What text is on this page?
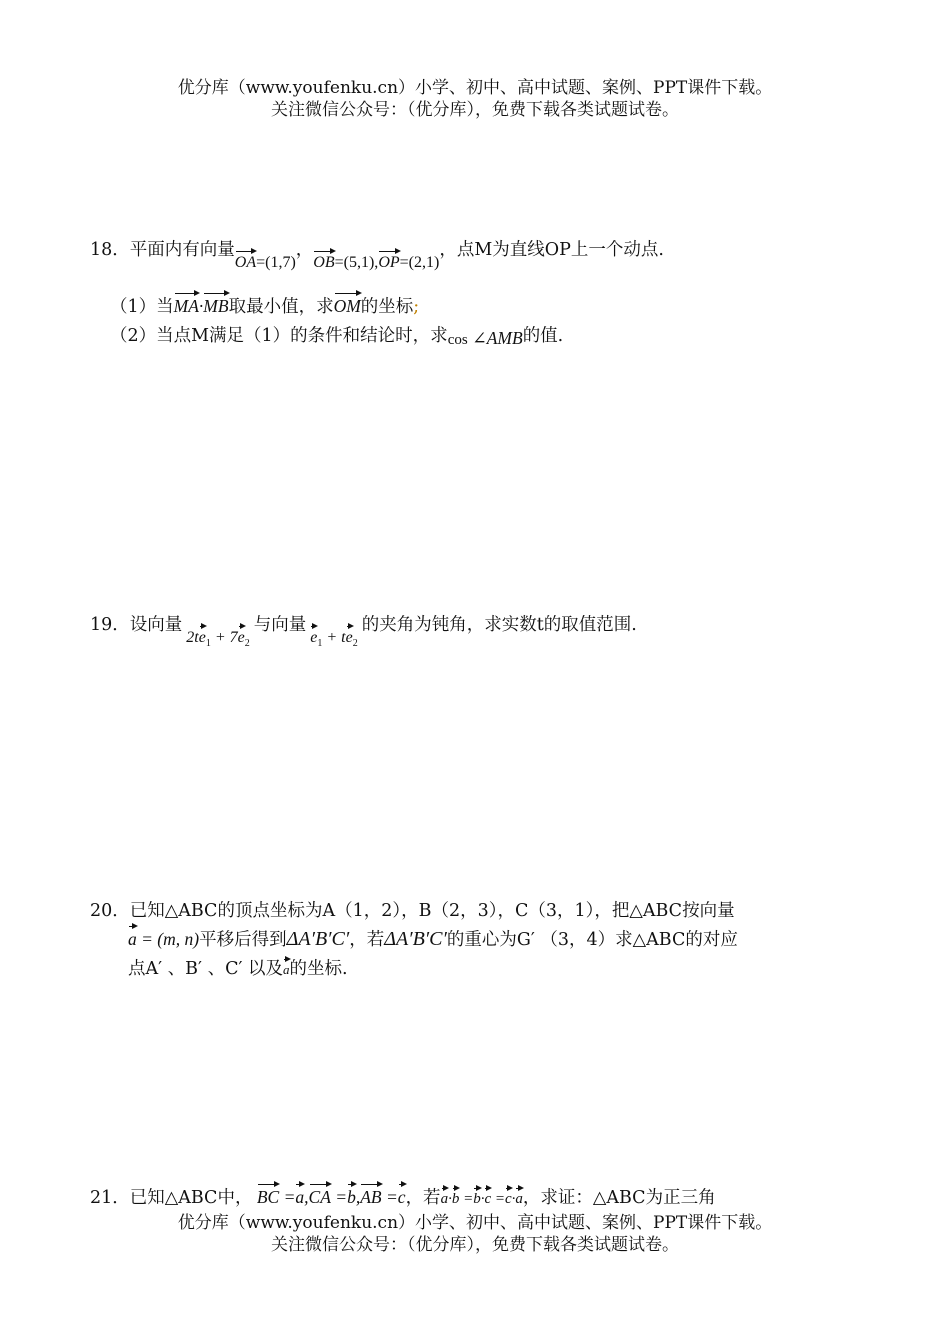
优分库（www.youfenku.cn）小学、初中、高中试题、案例、PPT课件下载。
关注微信公众号：（优分库），免费下载各类试题试卷。
18．平面内有向量OA=(1,7)，OB=(5,1),OP=(2,1)，点M为直线OP上一个动点.
（1）当MA·MB取最小值，求OM的坐标;
（2）当点M满足（1）的条件和结论时，求cos ∠AMB的值.
19．设向量 $2te_1 + 7e_2$ 与向量 $e_1 + te_2$ 的夹角为钝角，求实数t的取值范围.
20．已知△ABC的顶点坐标为A（1，2），B（2，3），C（3，1），把△ABC按向量
a = (m, n)平移后得到ΔA′B′C′，若ΔA′B′C′的重心为G′ （3，4）求△ABC的对应
点A′ 、B′ 、C′ 以及a的坐标.
21．已知△ABC中， BC =a,CA =b,AB =c，若a·b =b·c =c·a，求证：△ABC为正三角
优分库（www.youfenku.cn）小学、初中、高中试题、案例、PPT课件下载。
关注微信公众号：（优分库），免费下载各类试题试卷。
